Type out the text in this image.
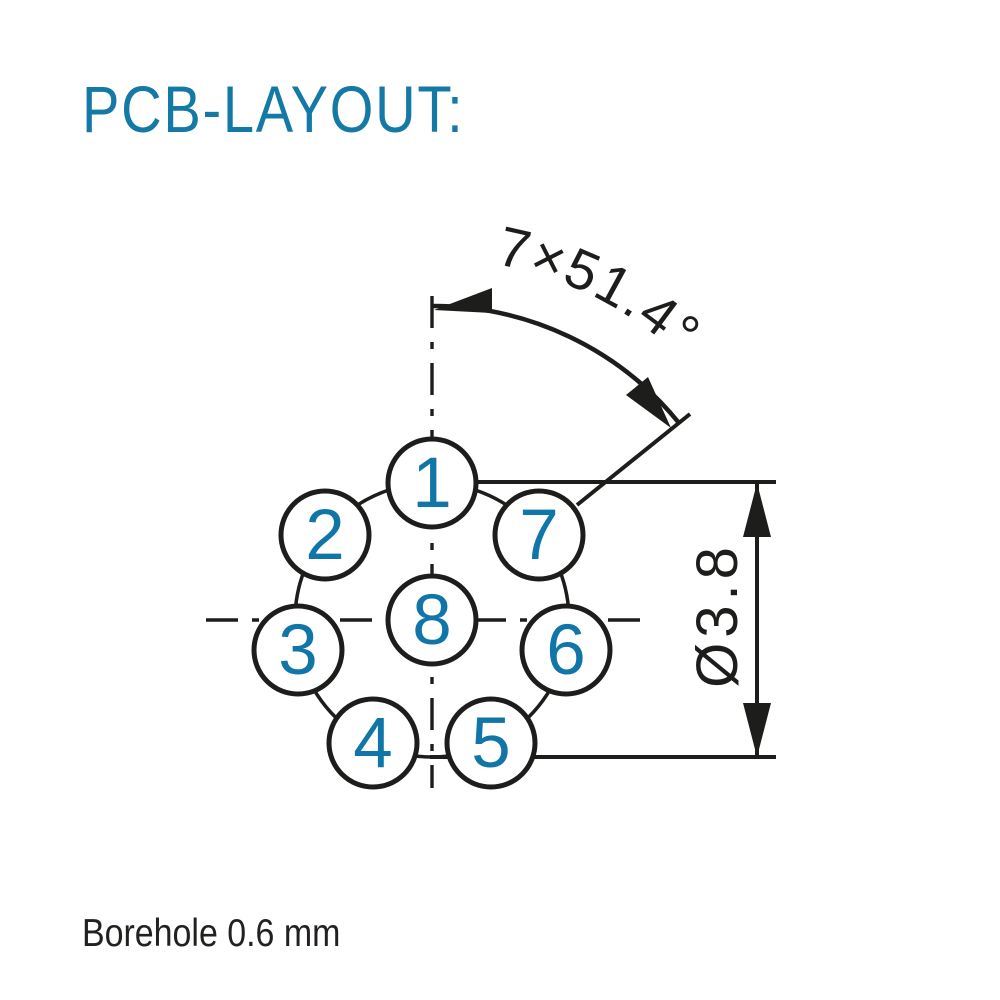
PCB-LAYOUT:
1
2
3
4 5
6
7
8
7×51.4°
Ø3.8
Borehole 0.6 mm
